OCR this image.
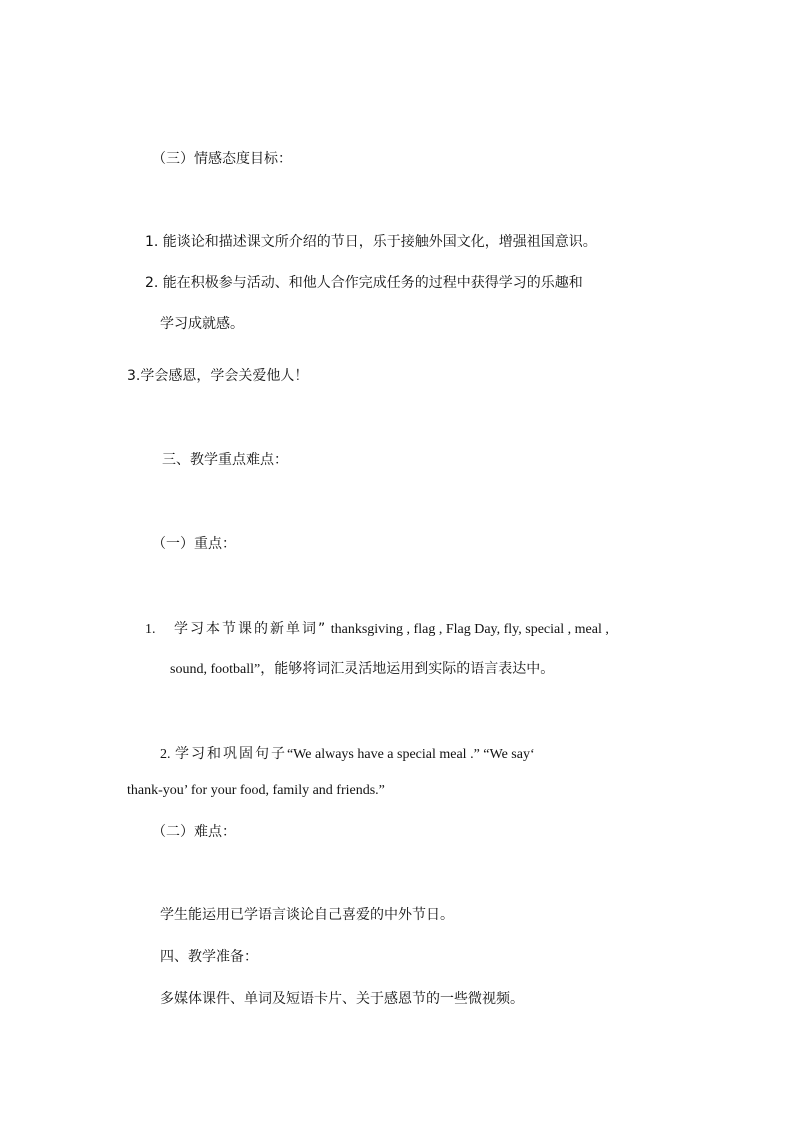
（三）情感态度目标：
1. 能谈论和描述课文所介绍的节日，乐于接触外国文化，增强祖国意识。
2. 能在积极参与活动、和他人合作完成任务的过程中获得学习的乐趣和
学习成就感。
3.学会感恩，学会关爱他人！
三、教学重点难点：
（一）重点：
1. 学习本节课的新单词” thanksgiving , flag , Flag Day, fly, special , meal ,
sound, football”，能够将词汇灵活地运用到实际的语言表达中。
2. 学习和巩固句子“We always have a special meal .” “We say‘
thank-you’ for your food, family and friends.”
（二）难点：
学生能运用已学语言谈论自己喜爱的中外节日。
四、教学准备：
多媒体课件、单词及短语卡片、关于感恩节的一些微视频。
